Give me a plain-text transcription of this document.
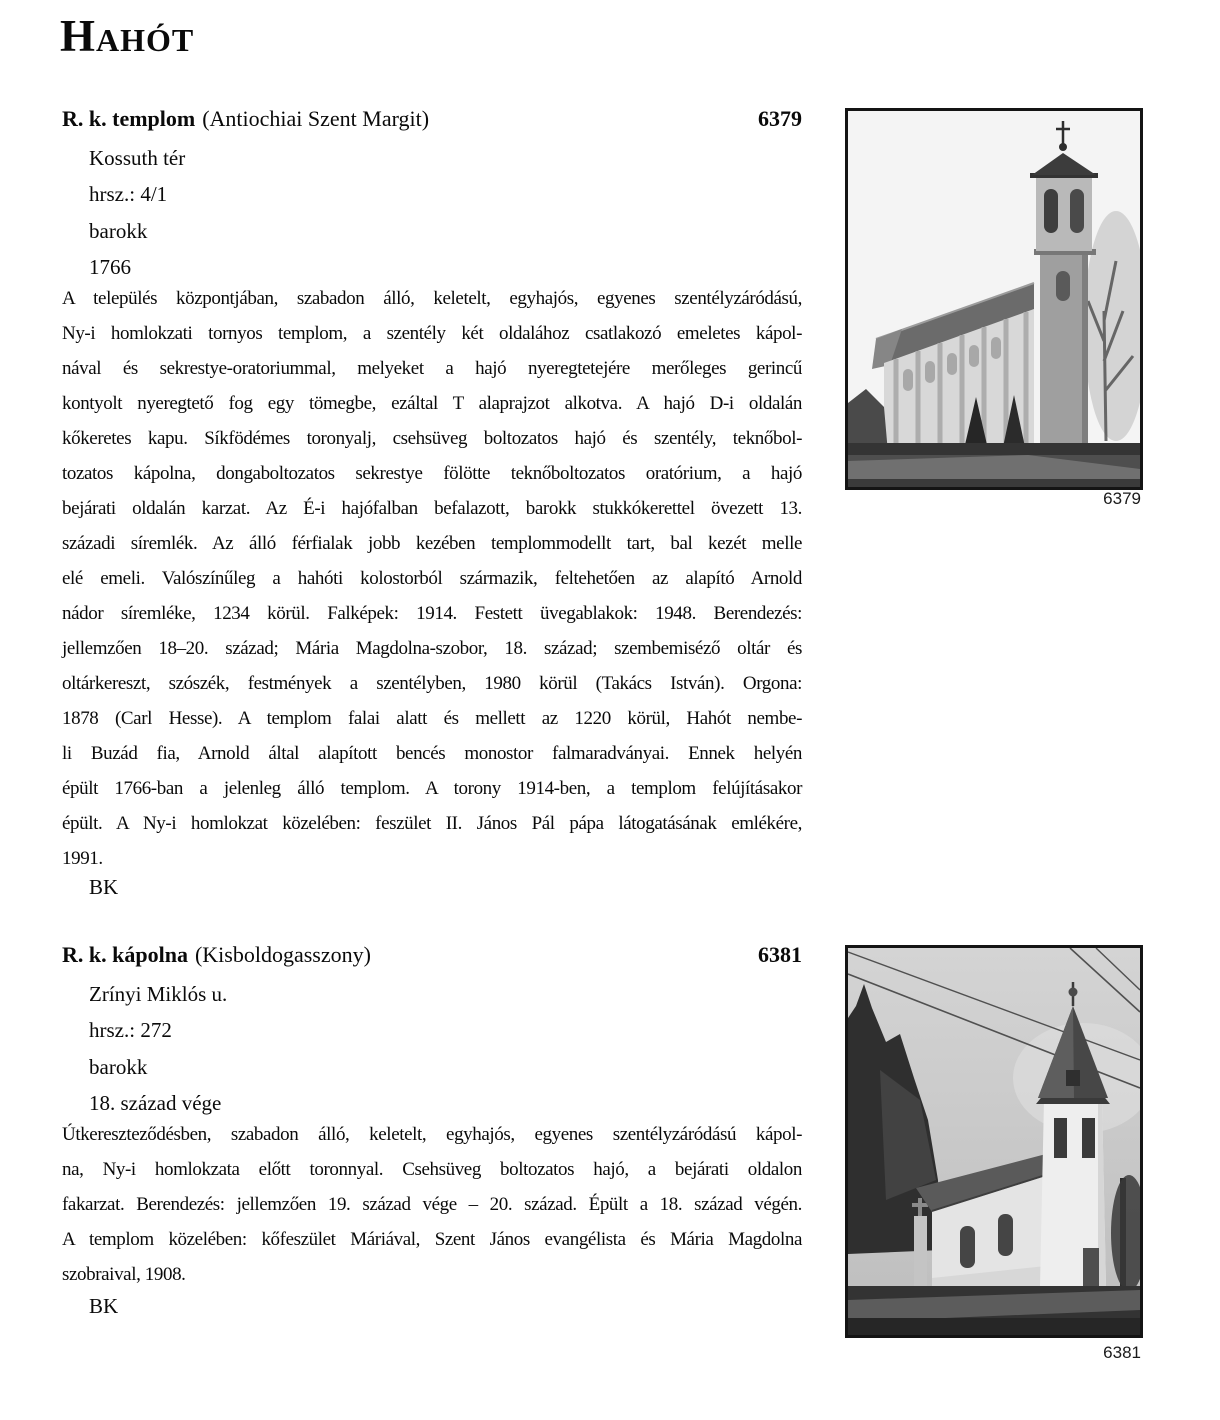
Hahót
R. k. templom (Antiochiai Szent Margit)	6379
Kossuth tér
hrsz.: 4/1
barokk
1766
A település központjában, szabadon álló, keletelt, egyhajós, egyenes szentélyzáródású,
Ny-i homlokzati tornyos templom, a szentély két oldalához csatlakozó emeletes kápol-
nával és sekrestye-oratoriummal, melyeket a hajó nyeregtetejére merőleges gerincű
kontyolt nyeregtető fog egy tömegbe, ezáltal T alaprajzot alkotva. A hajó D-i oldalán
kőkeretes kapu. Síkfödémes toronyalj, csehsüveg boltozatos hajó és szentély, teknőbol-
tozatos kápolna, dongaboltozatos sekrestye fölötte teknőboltozatos oratórium, a hajó
bejárati oldalán karzat. Az É-i hajófalban befalazott, barokk stukkókerettel övezett 13.
századi síremlék. Az álló férfialak jobb kezében templommodellt tart, bal kezét melle
elé emeli. Valószínűleg a hahóti kolostorból származik, feltehetően az alapító Arnold
nádor síremléke, 1234 körül. Falképek: 1914. Festett üvegablakok: 1948. Berendezés:
jellemzően 18–20. század; Mária Magdolna-szobor, 18. század; szembemiséző oltár és
oltárkereszt, szószék, festmények a szentélyben, 1980 körül (Takács István). Orgona:
1878 (Carl Hesse). A templom falai alatt és mellett az 1220 körül, Hahót nembe-
li Buzád fia, Arnold által alapított bencés monostor falmaradványai. Ennek helyén
épült 1766-ban a jelenleg álló templom. A torony 1914-ben, a templom felújításakor
épült. A Ny-i homlokzat közelében: feszület II. János Pál pápa látogatásának emlékére,
1991.
BK
6379
R. k. kápolna (Kisboldogasszony)	6381
Zrínyi Miklós u.
hrsz.: 272
barokk
18. század vége
Útkereszteződésben, szabadon álló, keletelt, egyhajós, egyenes szentélyzáródású kápol-
na, Ny-i homlokzata előtt toronnyal. Csehsüveg boltozatos hajó, a bejárati oldalon
fakarzat. Berendezés: jellemzően 19. század vége – 20. század. Épült a 18. század végén.
A templom közelében: kőfeszület Máriával, Szent János evangélista és Mária Magdolna
szobraival, 1908.
BK
6381
